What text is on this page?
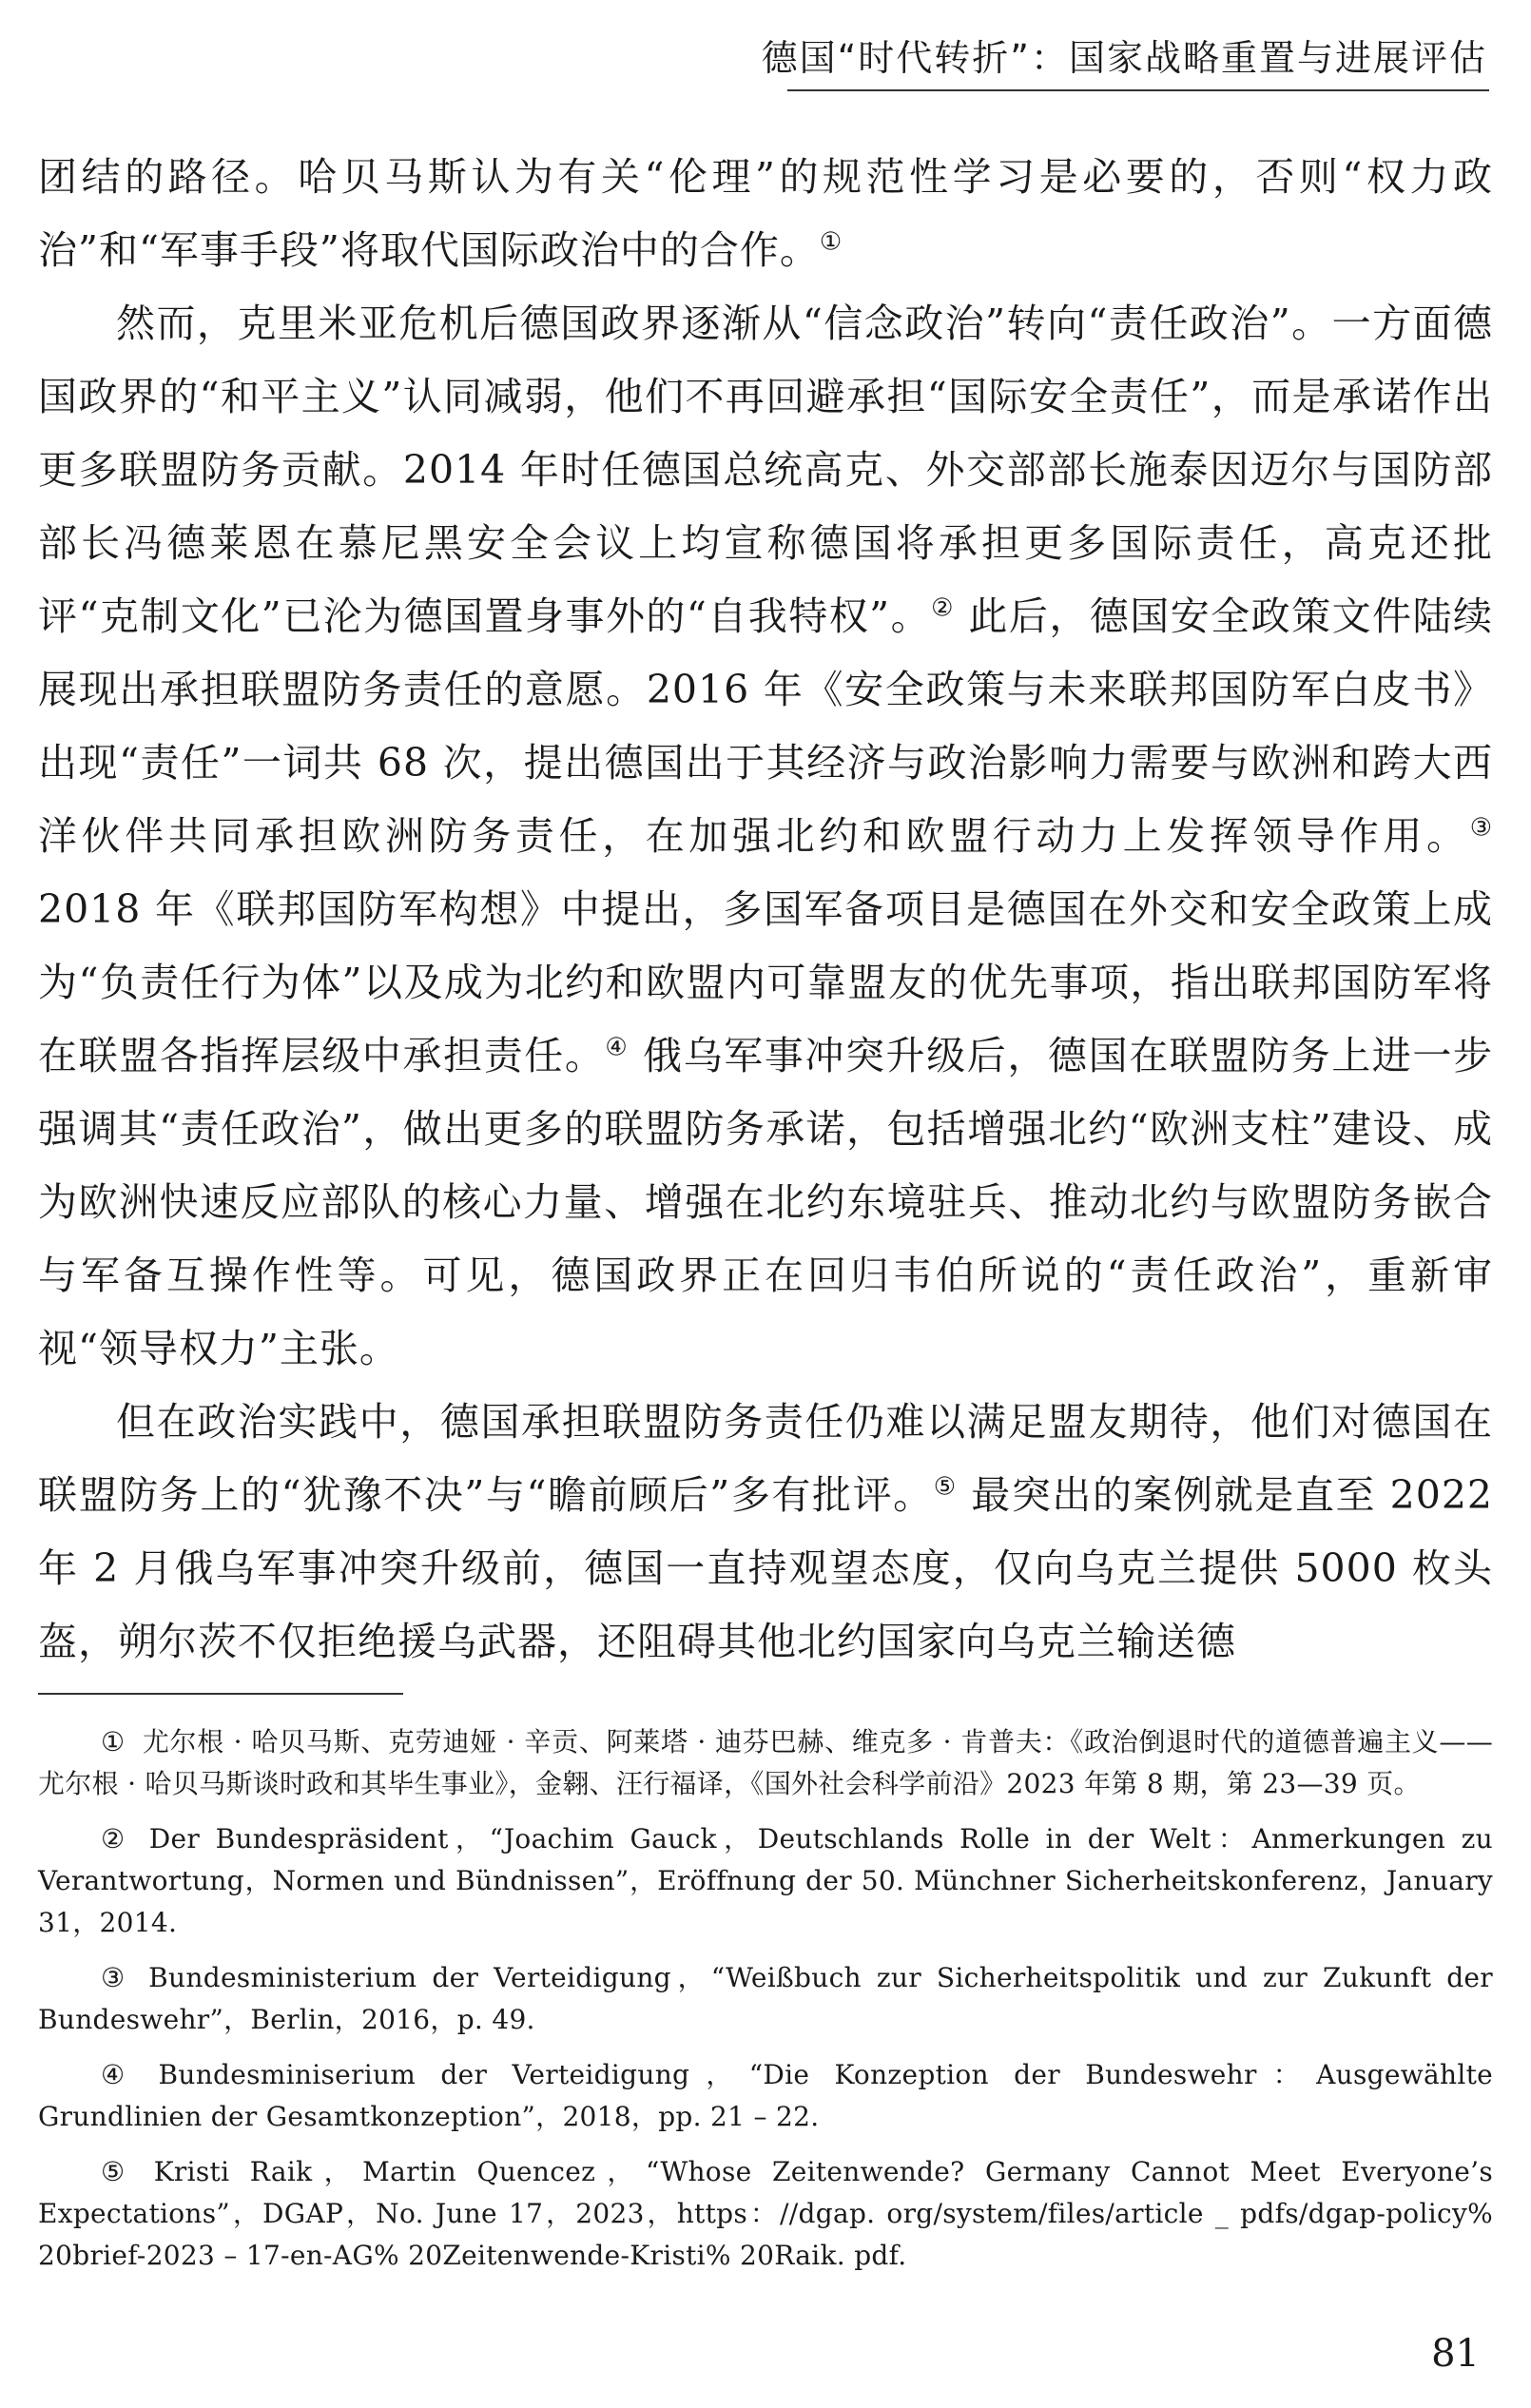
德国“时代转折”：国家战略重置与进展评估

团结的路径。哈贝马斯认为有关“伦理”的规范性学习是必要的，否则“权力政治”和“军事手段”将取代国际政治中的合作。①

然而，克里米亚危机后德国政界逐渐从“信念政治”转向“责任政治”。一方面德国政界的“和平主义”认同减弱，他们不再回避承担“国际安全责任”，而是承诺作出更多联盟防务贡献。2014 年时任德国总统高克、外交部部长施泰因迈尔与国防部部长冯德莱恩在慕尼黑安全会议上均宣称德国将承担更多国际责任，高克还批评“克制文化”已沦为德国置身事外的“自我特权”。② 此后，德国安全政策文件陆续展现出承担联盟防务责任的意愿。2016 年《安全政策与未来联邦国防军白皮书》出现“责任”一词共 68 次，提出德国出于其经济与政治影响力需要与欧洲和跨大西洋伙伴共同承担欧洲防务责任，在加强北约和欧盟行动力上发挥领导作用。③ 2018 年《联邦国防军构想》中提出，多国军备项目是德国在外交和安全政策上成为“负责任行为体”以及成为北约和欧盟内可靠盟友的优先事项，指出联邦国防军将在联盟各指挥层级中承担责任。④ 俄乌军事冲突升级后，德国在联盟防务上进一步强调其“责任政治”，做出更多的联盟防务承诺，包括增强北约“欧洲支柱”建设、成为欧洲快速反应部队的核心力量、增强在北约东境驻兵、推动北约与欧盟防务嵌合与军备互操作性等。可见，德国政界正在回归韦伯所说的“责任政治”，重新审视“领导权力”主张。

但在政治实践中，德国承担联盟防务责任仍难以满足盟友期待，他们对德国在联盟防务上的“犹豫不决”与“瞻前顾后”多有批评。⑤ 最突出的案例就是直至 2022 年 2 月俄乌军事冲突升级前，德国一直持观望态度，仅向乌克兰提供 5000 枚头盔，朔尔茨不仅拒绝援乌武器，还阻碍其他北约国家向乌克兰输送德

① 尤尔根 · 哈贝马斯、克劳迪娅 · 辛贡、阿莱塔 · 迪芬巴赫、维克多 · 肯普夫：《政治倒退时代的道德普遍主义——尤尔根 · 哈贝马斯谈时政和其毕生事业》，金翱、汪行福译，《国外社会科学前沿》2023 年第 8 期，第 23—39 页。

② Der Bundespräsident，“Joachim Gauck，Deutschlands Rolle in der Welt：Anmerkungen zu Verantwortung，Normen und Bündnissen”，Eröffnung der 50. Münchner Sicherheitskonferenz，January 31，2014.

③ Bundesministerium der Verteidigung，“Weißbuch zur Sicherheitspolitik und zur Zukunft der Bundeswehr”，Berlin，2016，p. 49.

④ Bundesminiserium der Verteidigung，“Die Konzeption der Bundeswehr：Ausgewählte Grundlinien der Gesamtkonzeption”，2018，pp. 21 – 22.

⑤ Kristi Raik，Martin Quencez，“Whose Zeitenwende? Germany Cannot Meet Everyone’s Expectations”，DGAP，No. June 17，2023，https：//dgap. org/system/files/article _ pdfs/dgap-policy% 20brief-2023 – 17-en-AG% 20Zeitenwende-Kristi% 20Raik. pdf.

81
